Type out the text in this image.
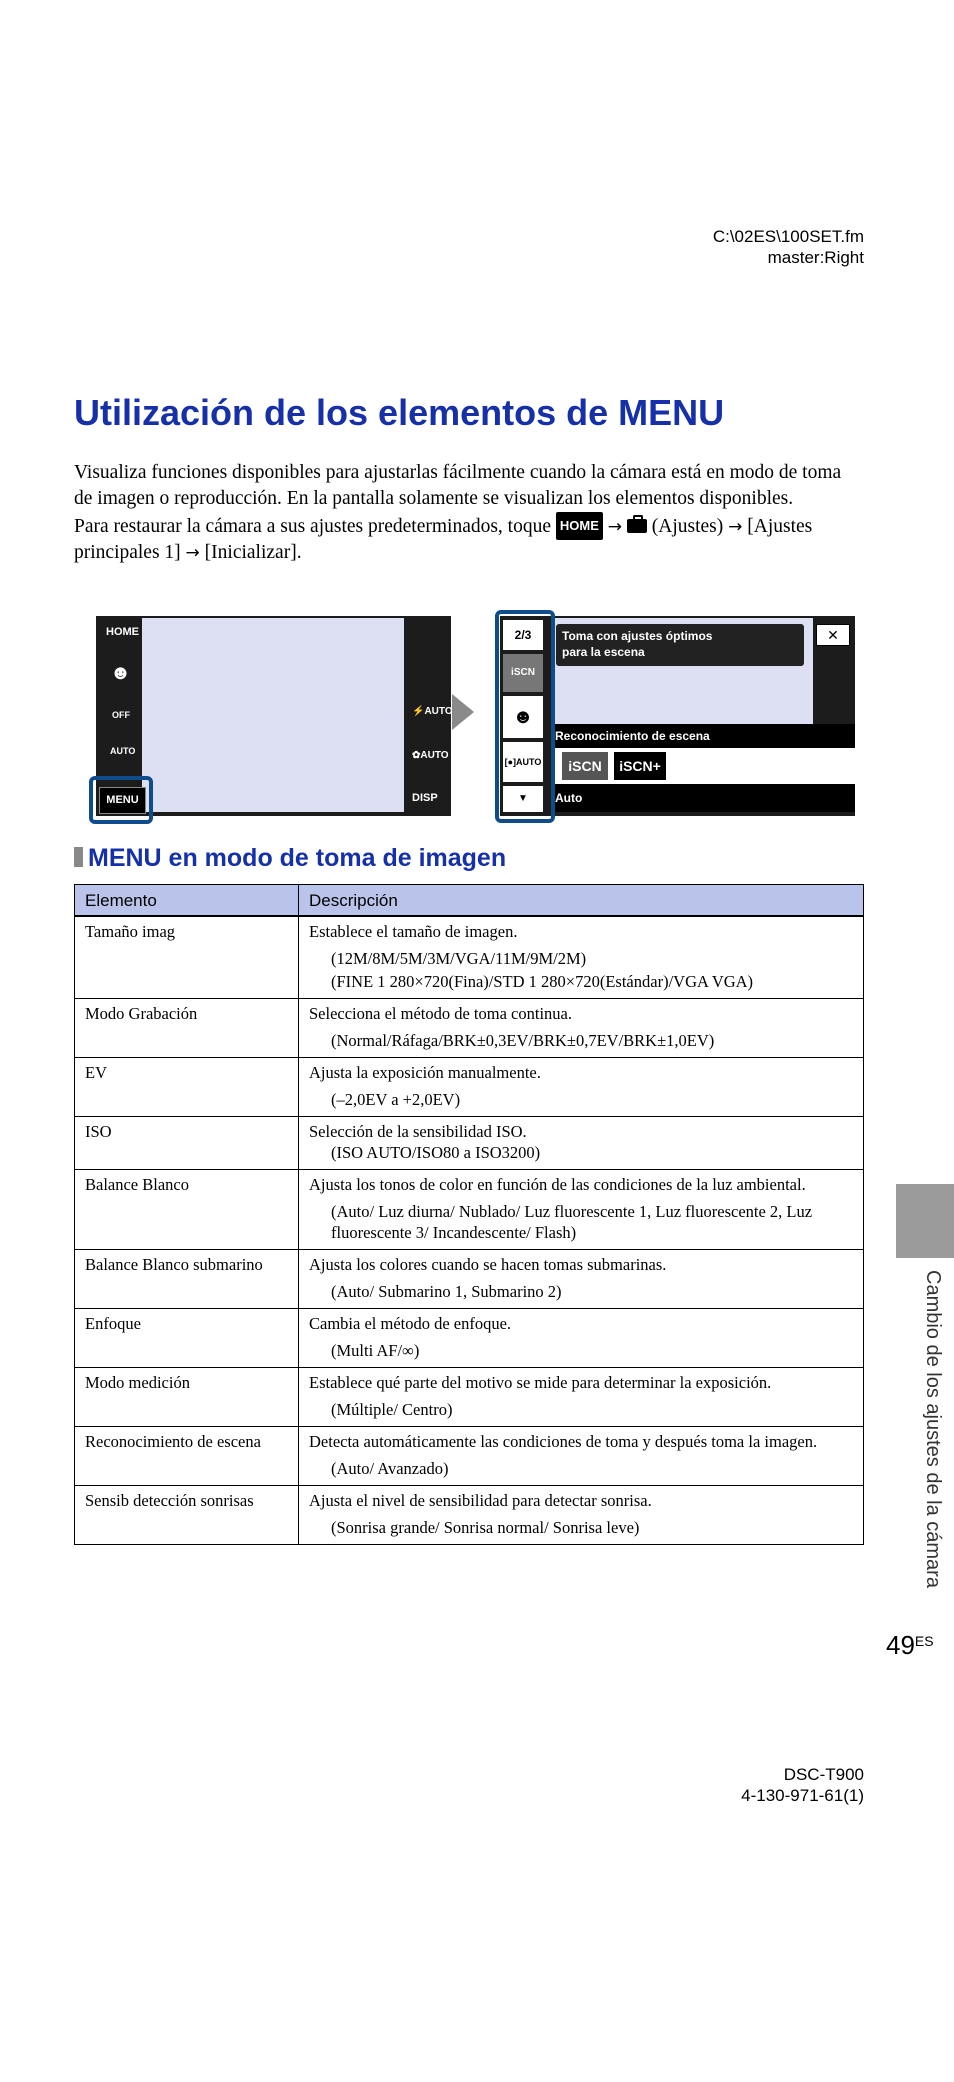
C:\02ES\100SET.fm
master:Right
Utilización de los elementos de MENU
Visualiza funciones disponibles para ajustarlas fácilmente cuando la cámara está en modo de toma de imagen o reproducción. En la pantalla solamente se visualizan los elementos disponibles.
Para restaurar la cámara a sus ajustes predeterminados, toque HOME → (Ajustes) → [Ajustes principales 1] → [Inicializar].
HOME
☻
OFF
AUTO
⚡AUTO
✿AUTO
DISP
MENU
Toma con ajustes óptimos
para la escena
✕
Reconocimiento de escena
iSCN	iSCN+
Auto
2/3
iSCN
☻
[●]AUTO
▼
MENU en modo de toma de imagen
Elemento	Descripción
Tamaño imag	Establece el tamaño de imagen.
(12M/8M/5M/3M/VGA/11M/9M/2M)
(FINE 1 280×720(Fina)/STD 1 280×720(Estándar)/VGA VGA)

Modo Grabación	Selecciona el método de toma continua.
(Normal/Ráfaga/BRK±0,3EV/BRK±0,7EV/BRK±1,0EV)

EV	Ajusta la exposición manualmente.
(–2,0EV a +2,0EV)

ISO	Selección de la sensibilidad ISO.
(ISO AUTO/ISO80 a ISO3200)

Balance Blanco	Ajusta los tonos de color en función de las condiciones de la luz ambiental.
(Auto/ Luz diurna/ Nublado/ Luz fluorescente 1, Luz fluorescente 2, Luz fluorescente 3/ Incandescente/ Flash)

Balance Blanco submarino	Ajusta los colores cuando se hacen tomas submarinas.
(Auto/ Submarino 1, Submarino 2)

Enfoque	Cambia el método de enfoque.
(Multi AF/∞)

Modo medición	Establece qué parte del motivo se mide para determinar la exposición.
(Múltiple/ Centro)

Reconocimiento de escena	Detecta automáticamente las condiciones de toma y después toma la imagen.
(Auto/ Avanzado)

Sensib detección sonrisas	Ajusta el nivel de sensibilidad para detectar sonrisa.
(Sonrisa grande/ Sonrisa normal/ Sonrisa leve)	Cambio de los ajustes de la cámara
$49^{ES}$
DSC-T900
4-130-971-61(1)
